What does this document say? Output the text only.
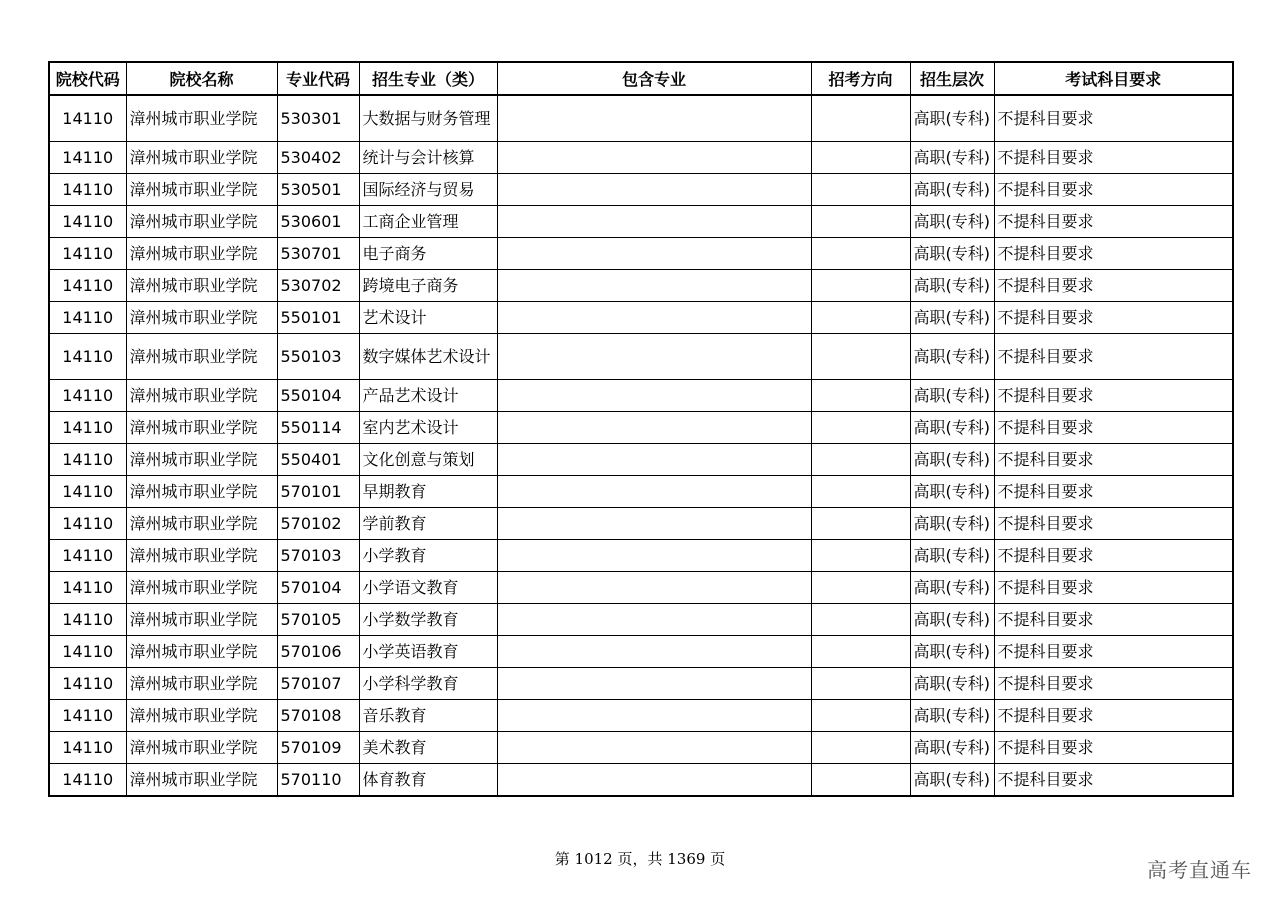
院校代码	院校名称	专业代码	招生专业（类）	包含专业	招考方向	招生层次	考试科目要求
14110	漳州城市职业学院	530301	大数据与财务管理			高职(专科)	不提科目要求
14110	漳州城市职业学院	530402	统计与会计核算			高职(专科)	不提科目要求
14110	漳州城市职业学院	530501	国际经济与贸易			高职(专科)	不提科目要求
14110	漳州城市职业学院	530601	工商企业管理			高职(专科)	不提科目要求
14110	漳州城市职业学院	530701	电子商务			高职(专科)	不提科目要求
14110	漳州城市职业学院	530702	跨境电子商务			高职(专科)	不提科目要求
14110	漳州城市职业学院	550101	艺术设计			高职(专科)	不提科目要求
14110	漳州城市职业学院	550103	数字媒体艺术设计			高职(专科)	不提科目要求
14110	漳州城市职业学院	550104	产品艺术设计			高职(专科)	不提科目要求
14110	漳州城市职业学院	550114	室内艺术设计			高职(专科)	不提科目要求
14110	漳州城市职业学院	550401	文化创意与策划			高职(专科)	不提科目要求
14110	漳州城市职业学院	570101	早期教育			高职(专科)	不提科目要求
14110	漳州城市职业学院	570102	学前教育			高职(专科)	不提科目要求
14110	漳州城市职业学院	570103	小学教育			高职(专科)	不提科目要求
14110	漳州城市职业学院	570104	小学语文教育			高职(专科)	不提科目要求
14110	漳州城市职业学院	570105	小学数学教育			高职(专科)	不提科目要求
14110	漳州城市职业学院	570106	小学英语教育			高职(专科)	不提科目要求
14110	漳州城市职业学院	570107	小学科学教育			高职(专科)	不提科目要求
14110	漳州城市职业学院	570108	音乐教育			高职(专科)	不提科目要求
14110	漳州城市职业学院	570109	美术教育			高职(专科)	不提科目要求
14110	漳州城市职业学院	570110	体育教育			高职(专科)	不提科目要求
第 1012 页，共 1369 页	高考直通车
